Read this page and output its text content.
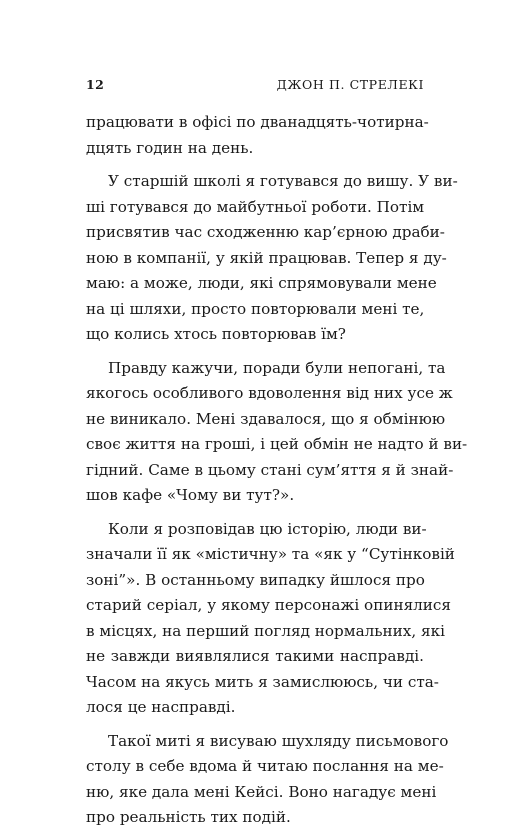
12	ДЖОН П. СТРЕЛЕКІ
працювати в офісі по дванадцять-чотирна-
дцять годин на день.
У старшій школі я готувався до вишу. У ви-
ші готувався до майбутньої роботи. Потім
присвятив час сходженню кар’єрною драби-
ною в компанії, у якій працював. Тепер я ду-
маю: а може, люди, які спрямовували мене
на ці шляхи, просто повторювали мені те,
що колись хтось повторював їм?
Правду кажучи, поради були непогані, та
якогось особливого вдоволення від них усе ж
не виникало. Мені здавалося, що я обмінюю
своє життя на гроші, і цей обмін не надто й ви-
гідний. Саме в цьому стані сум’яття я й знай-
шов кафе «Чому ви тут?».
Коли я розповідав цю історію, люди ви-
значали її як «містичну» та «як у “Сутінковій
зоні”». В останньому випадку йшлося про
старий серіал, у якому персонажі опинялися
в місцях, на перший погляд нормальних, які
не завжди виявлялися такими насправді.
Часом на якусь мить я замислююсь, чи ста-
лося це насправді.
Такої миті я висуваю шухляду письмового
столу в себе вдома й читаю послання на ме-
ню, яке дала мені Кейсі. Воно нагадує мені
про реальність тих подій.
